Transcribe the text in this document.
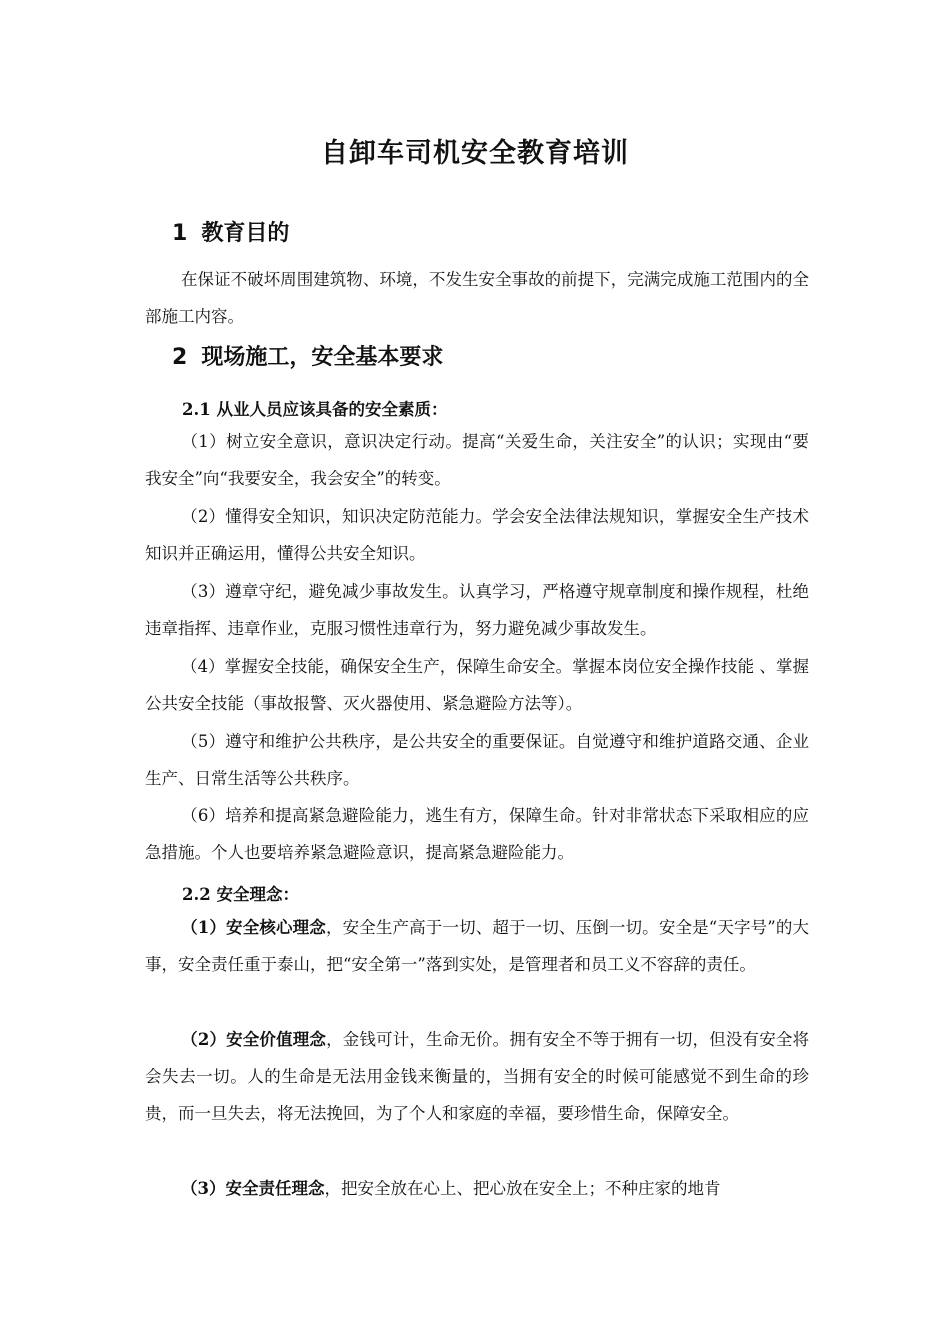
自卸车司机安全教育培训
1 教育目的
在保证不破坏周围建筑物、环境，不发生安全事故的前提下，完满完成施工范围内的全部施工内容。
2 现场施工，安全基本要求
2.1 从业人员应该具备的安全素质：
（1）树立安全意识，意识决定行动。提高“关爱生命，关注安全”的认识；实现由“要我安全”向“我要安全，我会安全”的转变。
（2）懂得安全知识，知识决定防范能力。学会安全法律法规知识，掌握安全生产技术知识并正确运用，懂得公共安全知识。
（3）遵章守纪，避免减少事故发生。认真学习，严格遵守规章制度和操作规程，杜绝违章指挥、违章作业，克服习惯性违章行为，努力避免减少事故发生。
（4）掌握安全技能，确保安全生产，保障生命安全。掌握本岗位安全操作技能 、掌握公共安全技能（事故报警、灭火器使用、紧急避险方法等）。
（5）遵守和维护公共秩序，是公共安全的重要保证。自觉遵守和维护道路交通、企业生产、日常生活等公共秩序。
（6）培养和提高紧急避险能力，逃生有方，保障生命。针对非常状态下采取相应的应急措施。个人也要培养紧急避险意识，提高紧急避险能力。
2.2 安全理念：
（1）安全核心理念，安全生产高于一切、超于一切、压倒一切。安全是“天字号”的大事，安全责任重于泰山，把“安全第一”落到实处，是管理者和员工义不容辞的责任。
（2）安全价值理念，金钱可计，生命无价。拥有安全不等于拥有一切，但没有安全将会失去一切。人的生命是无法用金钱来衡量的，当拥有安全的时候可能感觉不到生命的珍贵，而一旦失去，将无法挽回，为了个人和家庭的幸福，要珍惜生命，保障安全。
（3）安全责任理念，把安全放在心上、把心放在安全上；不种庄家的地肯
